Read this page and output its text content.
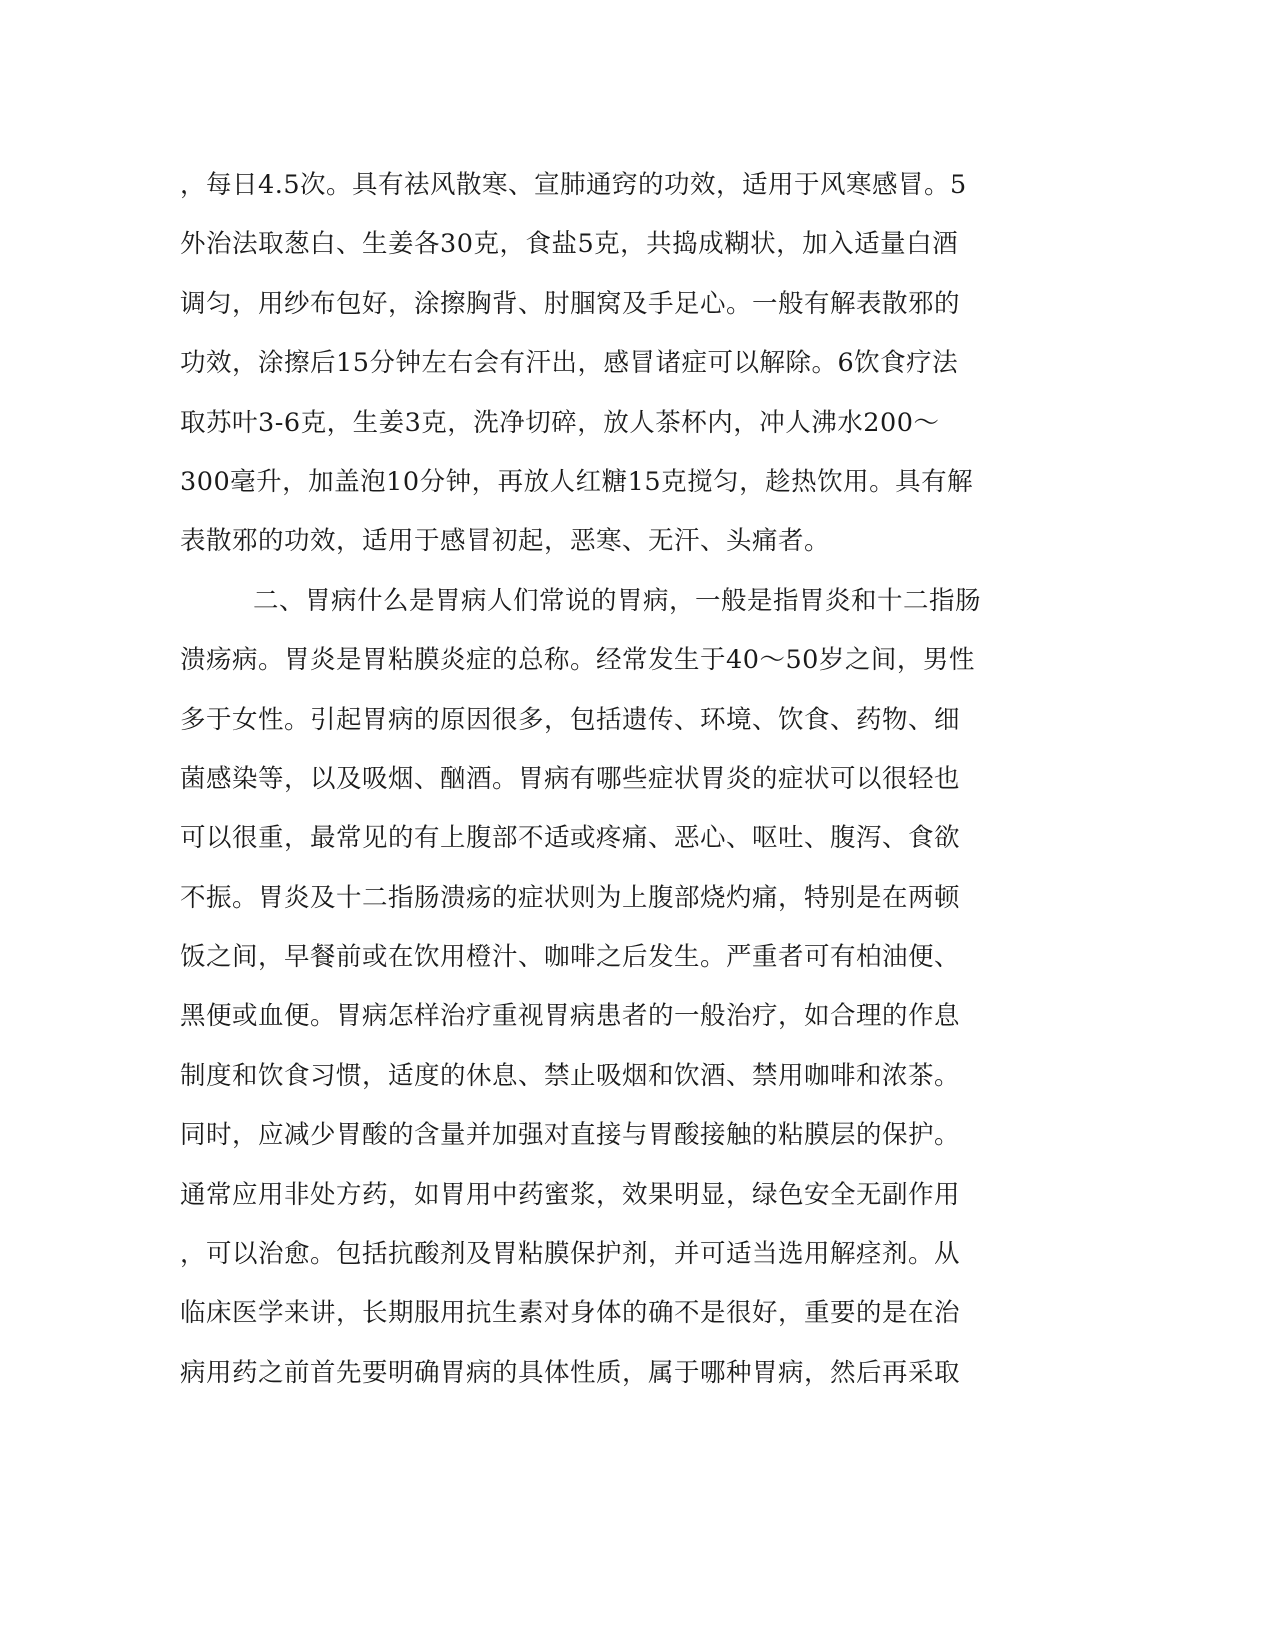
，每日4.5次。具有祛风散寒、宣肺通窍的功效，适用于风寒感冒。5
外治法取葱白、生姜各30克，食盐5克，共捣成糊状，加入适量白酒
调匀，用纱布包好，涂擦胸背、肘腘窝及手足心。一般有解表散邪的
功效，涂擦后15分钟左右会有汗出，感冒诸症可以解除。6饮食疗法
取苏叶3-6克，生姜3克，洗净切碎，放人茶杯内，冲人沸水200～
300毫升，加盖泡10分钟，再放人红糖15克搅匀，趁热饮用。具有解
表散邪的功效，适用于感冒初起，恶寒、无汗、头痛者。
二、胃病什么是胃病人们常说的胃病，一般是指胃炎和十二指肠
溃疡病。胃炎是胃粘膜炎症的总称。经常发生于40～50岁之间，男性
多于女性。引起胃病的原因很多，包括遗传、环境、饮食、药物、细
菌感染等，以及吸烟、酗酒。胃病有哪些症状胃炎的症状可以很轻也
可以很重，最常见的有上腹部不适或疼痛、恶心、呕吐、腹泻、食欲
不振。胃炎及十二指肠溃疡的症状则为上腹部烧灼痛，特别是在两顿
饭之间，早餐前或在饮用橙汁、咖啡之后发生。严重者可有柏油便、
黑便或血便。胃病怎样治疗重视胃病患者的一般治疗，如合理的作息
制度和饮食习惯，适度的休息、禁止吸烟和饮酒、禁用咖啡和浓茶。
同时，应减少胃酸的含量并加强对直接与胃酸接触的粘膜层的保护。
通常应用非处方药，如胃用中药蜜浆，效果明显，绿色安全无副作用
，可以治愈。包括抗酸剂及胃粘膜保护剂，并可适当选用解痉剂。从
临床医学来讲，长期服用抗生素对身体的确不是很好，重要的是在治
病用药之前首先要明确胃病的具体性质，属于哪种胃病，然后再采取
